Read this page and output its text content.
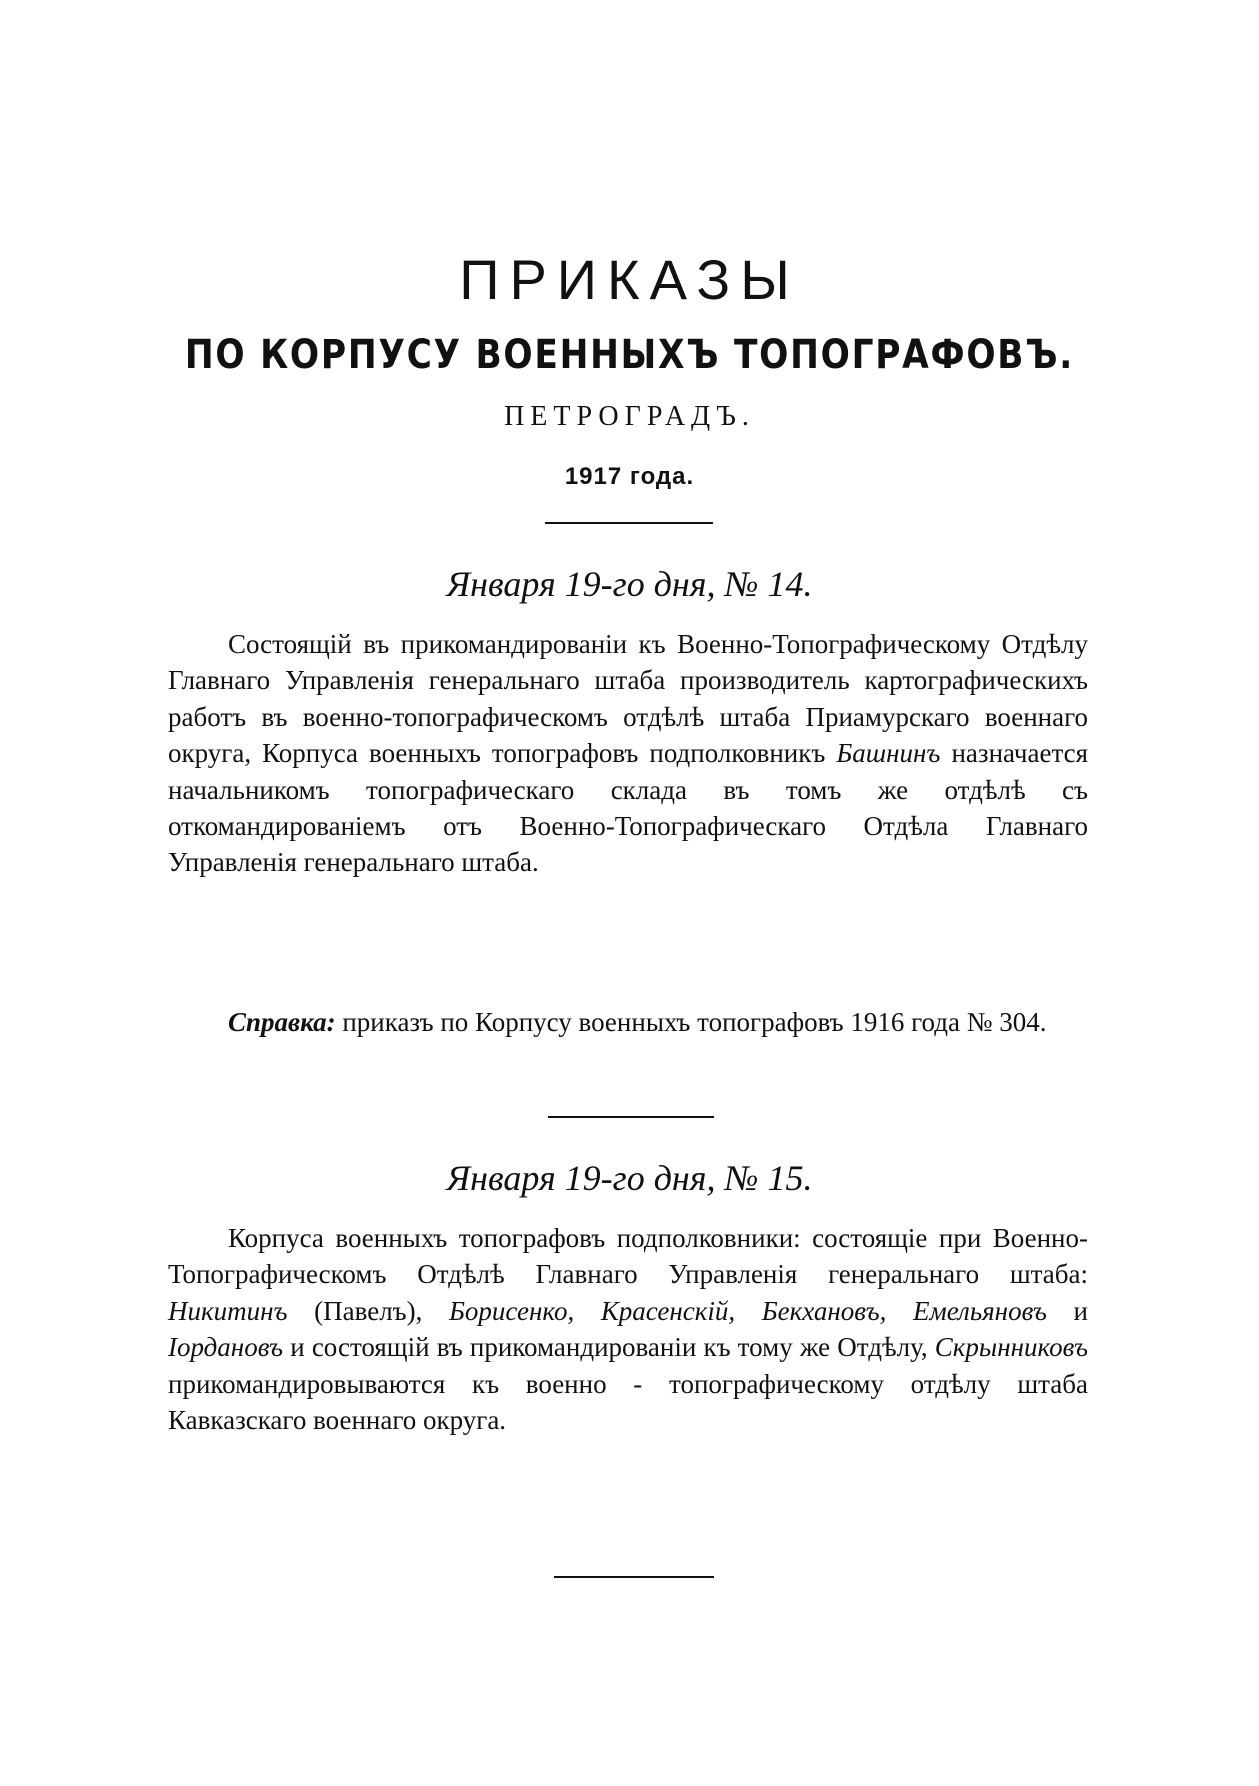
ПРИКАЗЫ
ПО КОРПУСУ ВОЕННЫХЪ ТОПОГРАФОВЪ.
ПЕТРОГРАДЪ.
1917 года.
Января 19-го дня, № 14.

Состоящій въ прикомандированіи къ Военно-Топографическому Отдѣлу Главнаго Управленія генеральнаго штаба производитель картографическихъ работъ въ военно-топографическомъ отдѣлѣ штаба Приамурскаго военнаго округа, Корпуса военныхъ топографовъ подполковникъ Башнинъ назначается начальникомъ топографическаго склада въ томъ же отдѣлѣ съ откомандированіемъ отъ Военно-Топографическаго Отдѣла Главнаго Управленія генеральнаго штаба.

Справка: приказъ по Корпусу военныхъ топографовъ 1916 года № 304.

Января 19-го дня, № 15.

Корпуса военныхъ топографовъ подполковники: состоящіе при Военно-Топографическомъ Отдѣлѣ Главнаго Управленія генеральнаго штаба: Никитинъ (Павелъ), Борисенко, Красенскій, Бекхановъ, Емельяновъ и Іордановъ и состоящій въ прикомандированіи къ тому же Отдѣлу, Скрынниковъ прикомандировываются къ военно - топографическому отдѣлу штаба Кавказскаго военнаго округа.
